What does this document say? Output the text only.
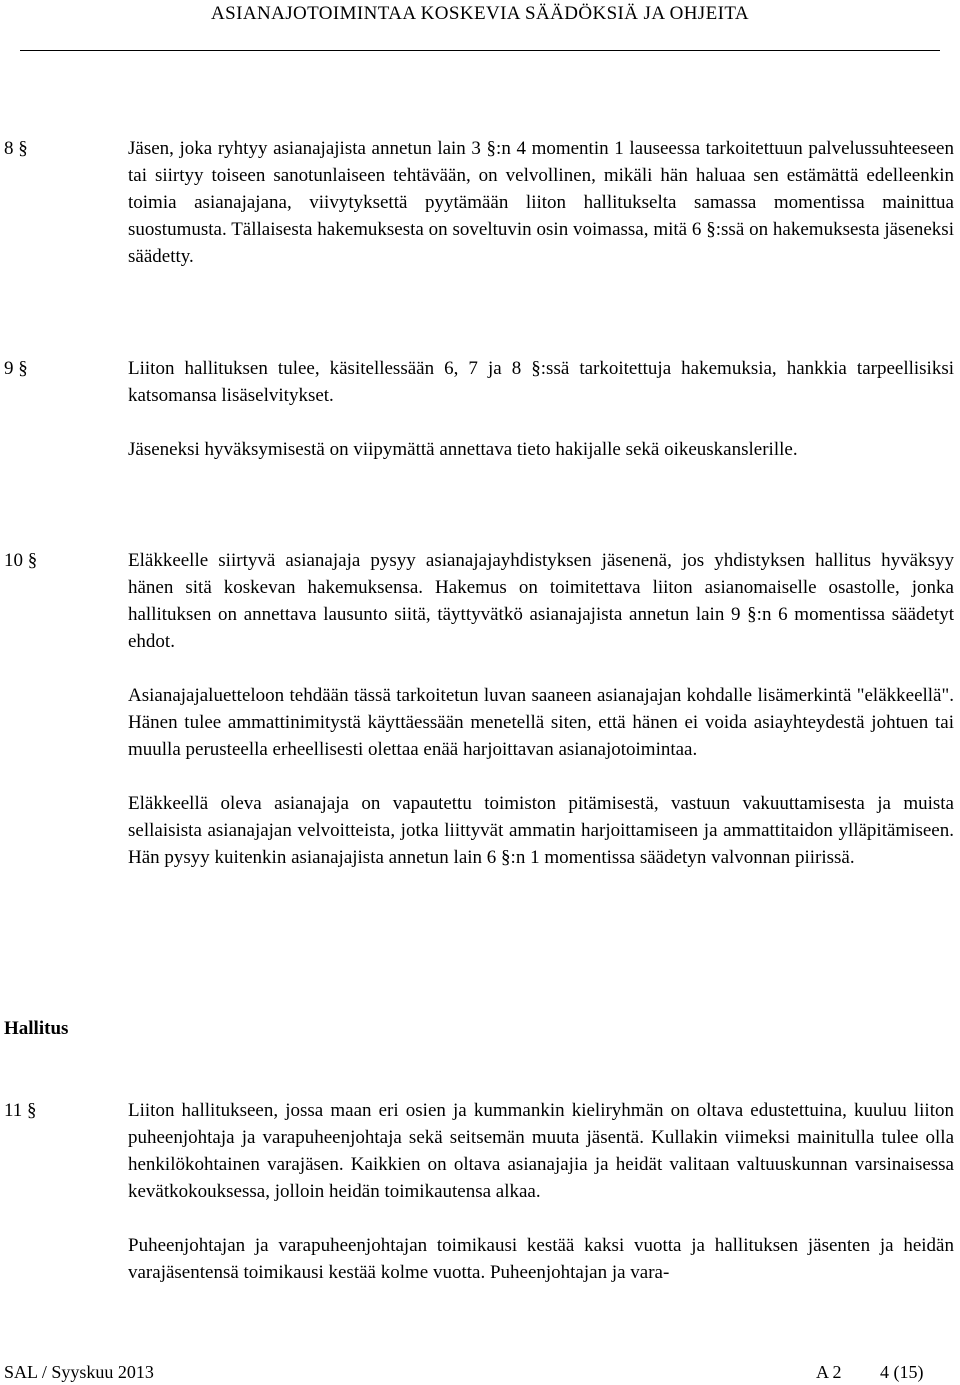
ASIANAJOTOIMINTAA KOSKEVIA SÄÄDÖKSIÄ JA OHJEITA
8 §	Jäsen, joka ryhtyy asianajajista annetun lain 3 §:n 4 momentin 1 lauseessa tarkoitettuun palvelussuhteeseen tai siirtyy toiseen sanotunlaiseen tehtävään, on velvollinen, mikäli hän haluaa sen estämättä edelleenkin toimia asianajajana, viivytyksettä pyytämään liiton hallitukselta samassa momentissa mainittua suostumusta. Tällaisesta hakemuksesta on soveltuvin osin voimassa, mitä 6 §:ssä on hakemuksesta jäseneksi säädetty.

9 §	Liiton hallituksen tulee, käsitellessään 6, 7 ja 8 §:ssä tarkoitettuja hakemuksia, hankkia tarpeellisiksi katsomansa lisäselvitykset.

Jäseneksi hyväksymisestä on viipymättä annettava tieto hakijalle sekä oikeuskanslerille.

10 §	Eläkkeelle siirtyvä asianajaja pysyy asianajajayhdistyksen jäsenenä, jos yhdistyksen hallitus hyväksyy hänen sitä koskevan hakemuksensa. Hakemus on toimitettava liiton asianomaiselle osastolle, jonka hallituksen on annettava lausunto siitä, täyttyvätkö asianajajista annetun lain 9 §:n 6 momentissa säädetyt ehdot.

Asianajajaluetteloon tehdään tässä tarkoitetun luvan saaneen asianajajan kohdalle lisämerkintä "eläkkeellä". Hänen tulee ammattinimitystä käyttäessään menetellä siten, että hänen ei voida asiayhteydestä johtuen tai muulla perusteella erheellisesti olettaa enää harjoittavan asianajotoimintaa.

Eläkkeellä oleva asianajaja on vapautettu toimiston pitämisestä, vastuun vakuuttamisesta ja muista sellaisista asianajajan velvoitteista, jotka liittyvät ammatin harjoittamiseen ja ammattitaidon ylläpitämiseen. Hän pysyy kuitenkin asianajajista annetun lain 6 §:n 1 momentissa säädetyn valvonnan piirissä.

Hallitus
11 §	Liiton hallitukseen, jossa maan eri osien ja kummankin kieliryhmän on oltava edustettuina, kuuluu liiton puheenjohtaja ja varapuheenjohtaja sekä seitsemän muuta jäsentä. Kullakin viimeksi mainitulla tulee olla henkilökohtainen varajäsen. Kaikkien on oltava asianajajia ja heidät valitaan valtuuskunnan varsinaisessa kevätkokouksessa, jolloin heidän toimikautensa alkaa.

Puheenjohtajan ja varapuheenjohtajan toimikausi kestää kaksi vuotta ja hallituksen jäsenten ja heidän varajäsentensä toimikausi kestää kolme vuotta. Puheenjohtajan ja vara-

SAL / Syyskuu 2013	A 2 4 (15)
